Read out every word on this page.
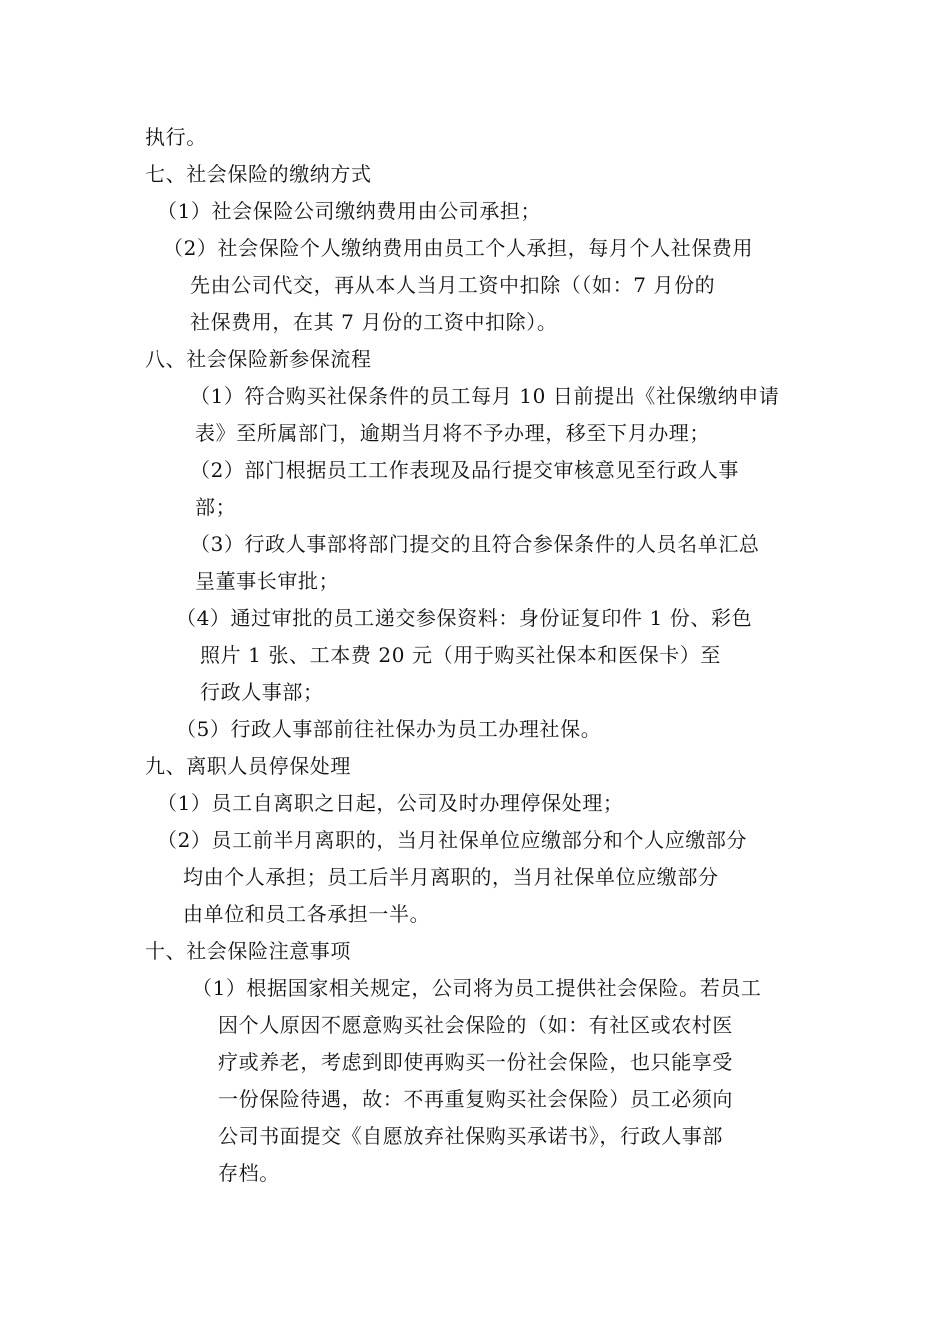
执行。
七、社会保险的缴纳方式
（1）社会保险公司缴纳费用由公司承担；
（2）社会保险个人缴纳费用由员工个人承担，每月个人社保费用
先由公司代交，再从本人当月工资中扣除（（如：7 月份的
社保费用，在其 7 月份的工资中扣除）。
八、社会保险新参保流程
（1）符合购买社保条件的员工每月 10 日前提出《社保缴纳申请
表》至所属部门，逾期当月将不予办理，移至下月办理；
（2）部门根据员工工作表现及品行提交审核意见至行政人事
部；
（3）行政人事部将部门提交的且符合参保条件的人员名单汇总
呈董事长审批；
（4）通过审批的员工递交参保资料：身份证复印件 1 份、彩色
照片 1 张、工本费 20 元（用于购买社保本和医保卡）至
行政人事部；
（5）行政人事部前往社保办为员工办理社保。
九、离职人员停保处理
（1）员工自离职之日起，公司及时办理停保处理；
（2）员工前半月离职的，当月社保单位应缴部分和个人应缴部分
均由个人承担；员工后半月离职的，当月社保单位应缴部分
由单位和员工各承担一半。
十、社会保险注意事项
（1）根据国家相关规定，公司将为员工提供社会保险。若员工
因个人原因不愿意购买社会保险的（如：有社区或农村医
疗或养老，考虑到即使再购买一份社会保险，也只能享受
一份保险待遇，故：不再重复购买社会保险）员工必须向
公司书面提交《自愿放弃社保购买承诺书》，行政人事部
存档。
